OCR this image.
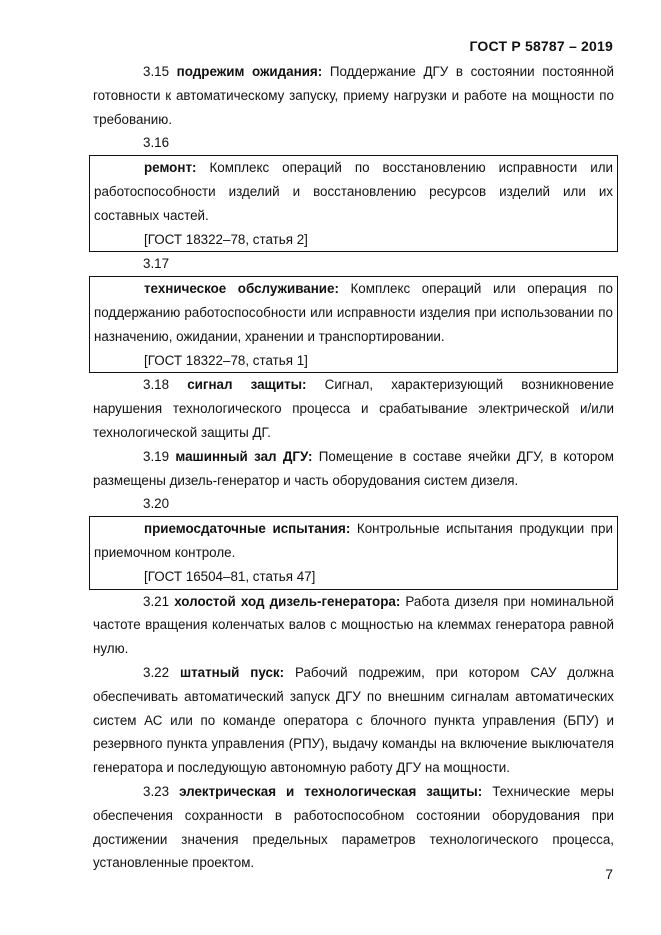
ГОСТ Р 58787 – 2019

3.15 подрежим ожидания: Поддержание ДГУ в состоянии постоянной готовности к автоматическому запуску, приему нагрузки и работе на мощности по требованию.

3.16

ремонт: Комплекс операций по восстановлению исправности или работоспособности изделий и восстановлению ресурсов изделий или их составных частей.

[ГОСТ 18322–78, статья 2]

3.17

техническое обслуживание: Комплекс операций или операция по поддержанию работоспособности или исправности изделия при использовании по назначению, ожидании, хранении и транспортировании.

[ГОСТ 18322–78, статья 1]

3.18 сигнал защиты: Сигнал, характеризующий возникновение нарушения технологического процесса и срабатывание электрической и/или технологической защиты ДГ.

3.19 машинный зал ДГУ: Помещение в составе ячейки ДГУ, в котором размещены дизель-генератор и часть оборудования систем дизеля.

3.20

приемосдаточные испытания: Контрольные испытания продукции при приемочном контроле.

[ГОСТ 16504–81, статья 47]

3.21 холостой ход дизель-генератора: Работа дизеля при номинальной частоте вращения коленчатых валов с мощностью на клеммах генератора равной нулю.

3.22 штатный пуск: Рабочий подрежим, при котором САУ должна обеспечивать автоматический запуск ДГУ по внешним сигналам автоматических систем АС или по команде оператора с блочного пункта управления (БПУ) и резервного пункта управления (РПУ), выдачу команды на включение выключателя генератора и последующую автономную работу ДГУ на мощности.

3.23 электрическая и технологическая защиты: Технические меры обеспечения сохранности в работоспособном состоянии оборудования при достижении значения предельных параметров технологического процесса, установленные проектом.

7
